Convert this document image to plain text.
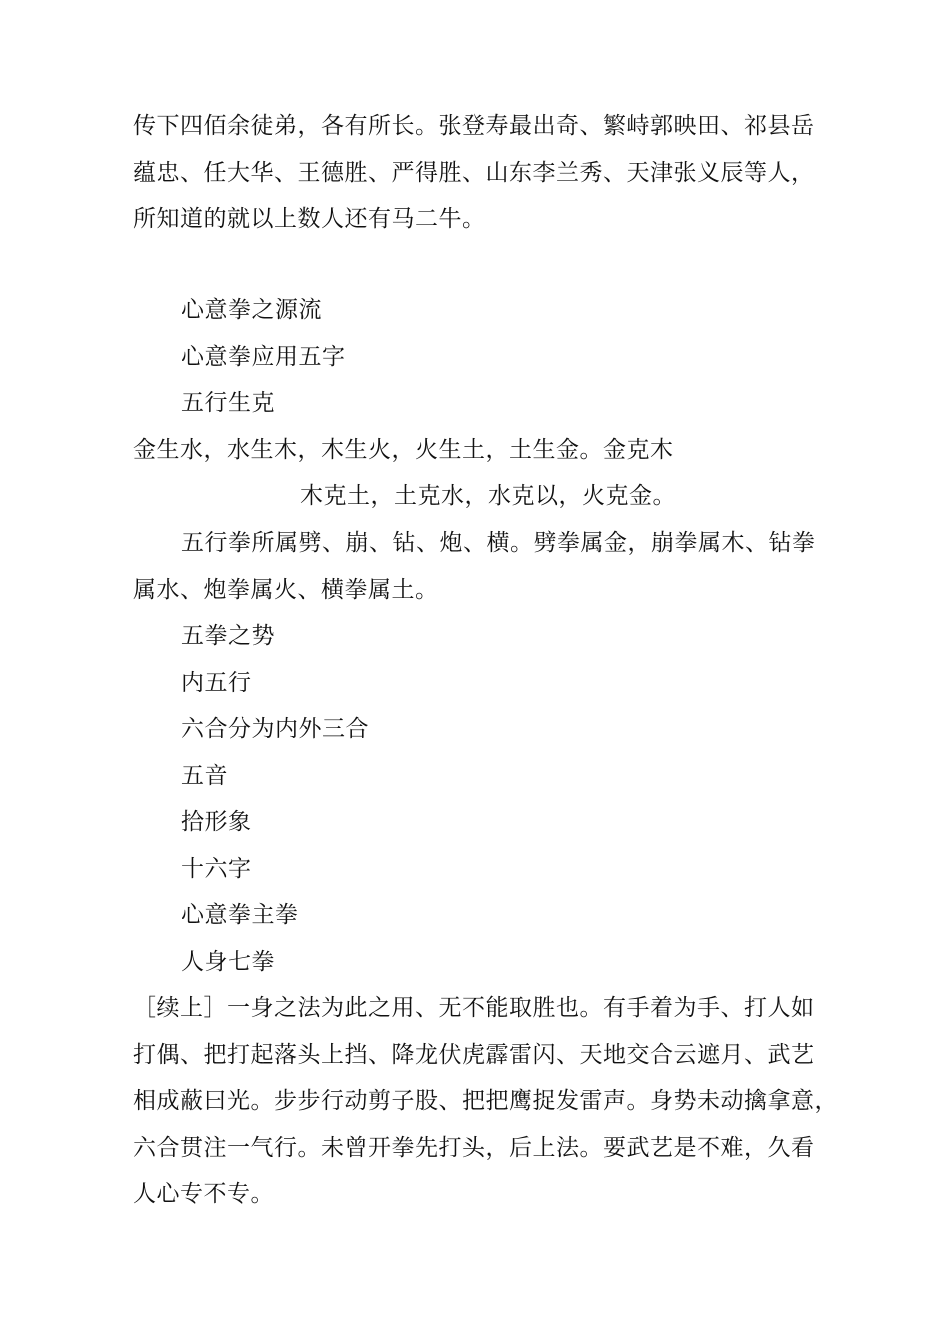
传下四佰余徒弟，各有所长。张登寿最出奇、繁峙郭映田、祁县岳
蕴忠、任大华、王德胜、严得胜、山东李兰秀、天津张义辰等人，
所知道的就以上数人还有马二牛。
心意拳之源流
心意拳应用五字
五行生克
金生水，水生木，木生火，火生土，土生金。金克木
木克土，土克水，水克以，火克金。
五行拳所属劈、崩、钻、炮、横。劈拳属金，崩拳属木、钻拳
属水、炮拳属火、横拳属土。
五拳之势
内五行
六合分为内外三合
五音
拾形象
十六字
心意拳主拳
人身七拳
［续上］一身之法为此之用、无不能取胜也。有手着为手、打人如
打偶、把打起落头上挡、降龙伏虎霹雷闪、天地交合云遮月、武艺
相成蔽曰光。步步行动剪子股、把把鹰捉发雷声。身势未动擒拿意，
六合贯注一气行。未曾开拳先打头，后上法。要武艺是不难，久看
人心专不专。
